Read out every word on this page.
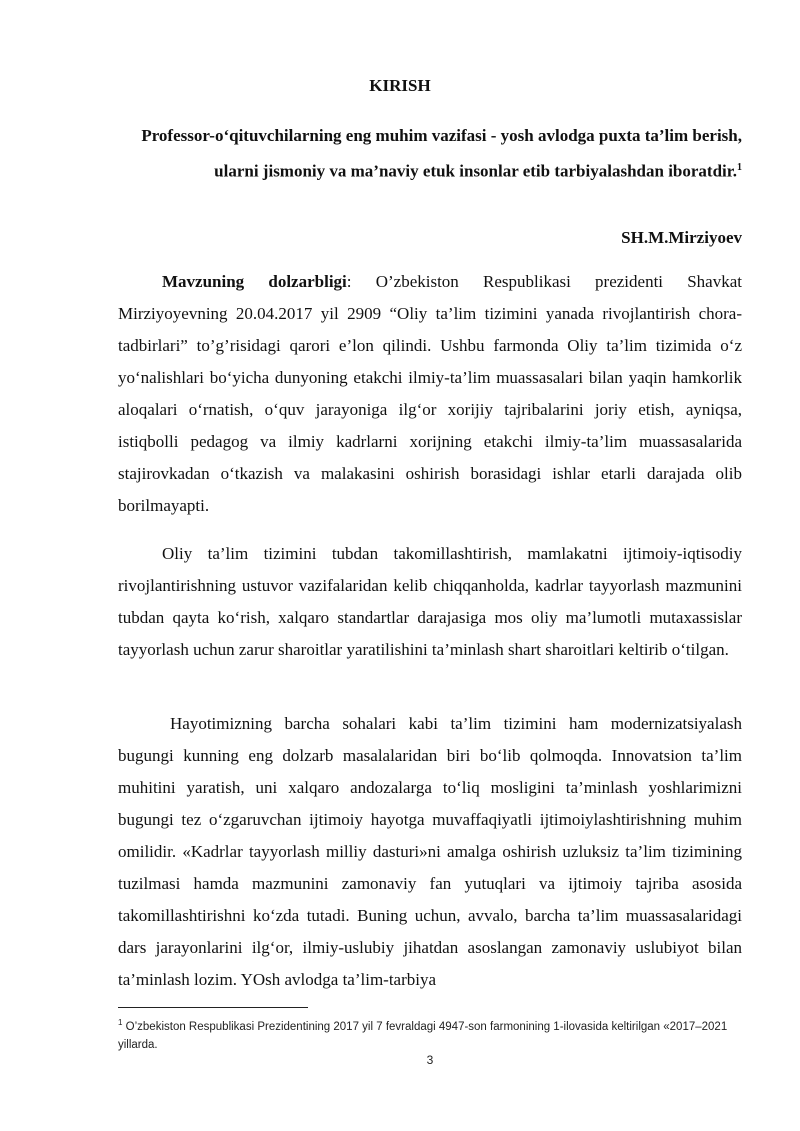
KIRISH
Professor-o‘qituvchilarning eng muhim vazifasi - yosh avlodga puxta ta’lim berish, ularni jismoniy va ma’naviy etuk insonlar etib tarbiyalashdan iboratdir.$^1$
SH.M.Mirziyoev

Mavzuning dolzarbligi: O’zbekiston Respublikasi prezidenti Shavkat Mirziyoyevning 20.04.2017 yil 2909 “Oliy ta’lim tizimini yanada rivojlantirish chora-tadbirlari” to’g’risidagi qarori e’lon qilindi. Ushbu farmonda Oliy ta’lim tizimida o‘z yo‘nalishlari bo‘yicha dunyoning etakchi ilmiy-ta’lim muassasalari bilan yaqin hamkorlik aloqalari o‘rnatish, o‘quv jarayoniga ilg‘or xorijiy tajribalarini joriy etish, ayniqsa, istiqbolli pedagog va ilmiy kadrlarni xorijning etakchi ilmiy-ta’lim muassasalarida stajirovkadan o‘tkazish va malakasini oshirish borasidagi ishlar etarli darajada olib borilmayapti.

Oliy ta’lim tizimini tubdan takomillashtirish, mamlakatni ijtimoiy-iqtisodiy rivojlantirishning ustuvor vazifalaridan kelib chiqqanholda, kadrlar tayyorlash mazmunini tubdan qayta ko‘rish, xalqaro standartlar darajasiga mos oliy ma’lumotli mutaxassislar tayyorlash uchun zarur sharoitlar yaratilishini ta’minlash shart sharoitlari keltirib o‘tilgan.

Hayotimizning barcha sohalari kabi ta’lim tizimini ham modernizatsiyalash bugungi kunning eng dolzarb masalalaridan biri bo‘lib qolmoqda. Innovatsion ta’lim muhitini yaratish, uni xalqaro andozalarga to‘liq mosligini ta’minlash yoshlarimizni bugungi tez o‘zgaruvchan ijtimoiy hayotga muvaffaqiyatli ijtimoiylashtirishning muhim omilidir. «Kadrlar tayyorlash milliy dasturi»ni amalga oshirish uzluksiz ta’lim tizimining tuzilmasi hamda mazmunini zamonaviy fan yutuqlari va ijtimoiy tajriba asosida takomillashtirishni ko‘zda tutadi. Buning uchun, avvalo, barcha ta’lim muassasalaridagi dars jarayonlarini ilg‘or, ilmiy-uslubiy jihatdan asoslangan zamonaviy uslubiyot bilan ta’minlash lozim. YOsh avlodga ta’lim-tarbiya

$^1$ O’zbekiston Respublikasi Prezidentining 2017 yil 7 fevraldagi 4947-son farmonining 1-ilovasida keltirilgan «2017–2021 yillarda.
3
